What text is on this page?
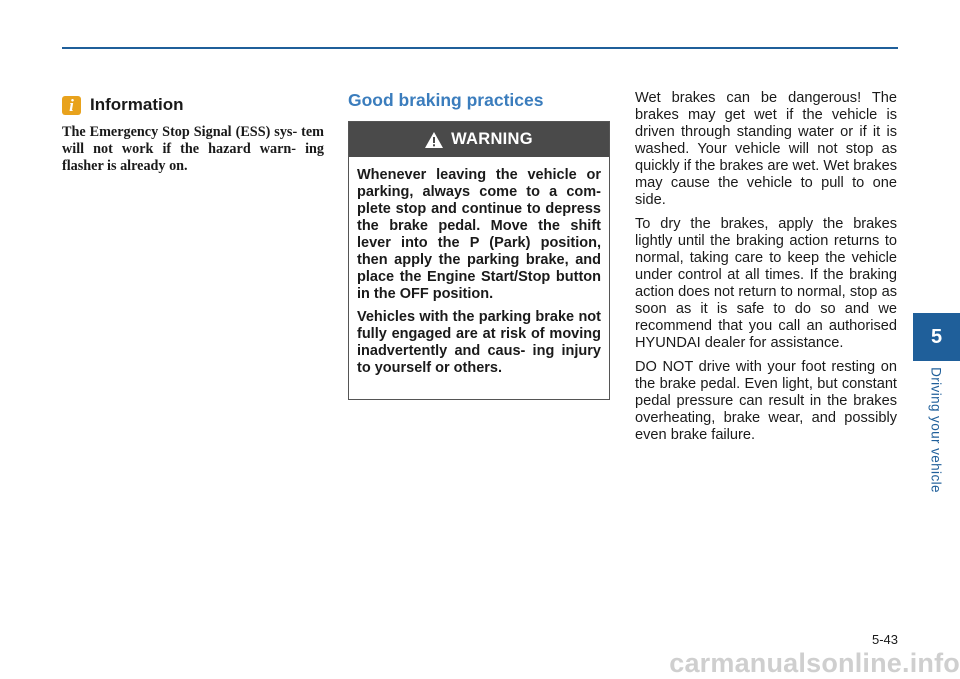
i Information
The Emergency Stop Signal (ESS) sys- tem will not work if the hazard warn- ing flasher is already on.
Good braking practices
WARNING

Whenever leaving the vehicle or parking, always come to a com- plete stop and continue to depress the brake pedal. Move the shift lever into the P (Park) position, then apply the parking brake, and place the Engine Start/Stop button in the OFF position.

Vehicles with the parking brake not fully engaged are at risk of moving inadvertently and caus- ing injury to yourself or others.

Wet brakes can be dangerous! The brakes may get wet if the vehicle is driven through standing water or if it is washed. Your vehicle will not stop as quickly if the brakes are wet. Wet brakes may cause the vehicle to pull to one side.

To dry the brakes, apply the brakes lightly until the braking action returns to normal, taking care to keep the vehicle under control at all times. If the braking action does not return to normal, stop as soon as it is safe to do so and we recommend that you call an authorised HYUNDAI dealer for assistance.

DO NOT drive with your foot resting on the brake pedal. Even light, but constant pedal pressure can result in the brakes overheating, brake wear, and possibly even brake failure.

5
Driving your vehicle
5-43
carmanualsonline.info
